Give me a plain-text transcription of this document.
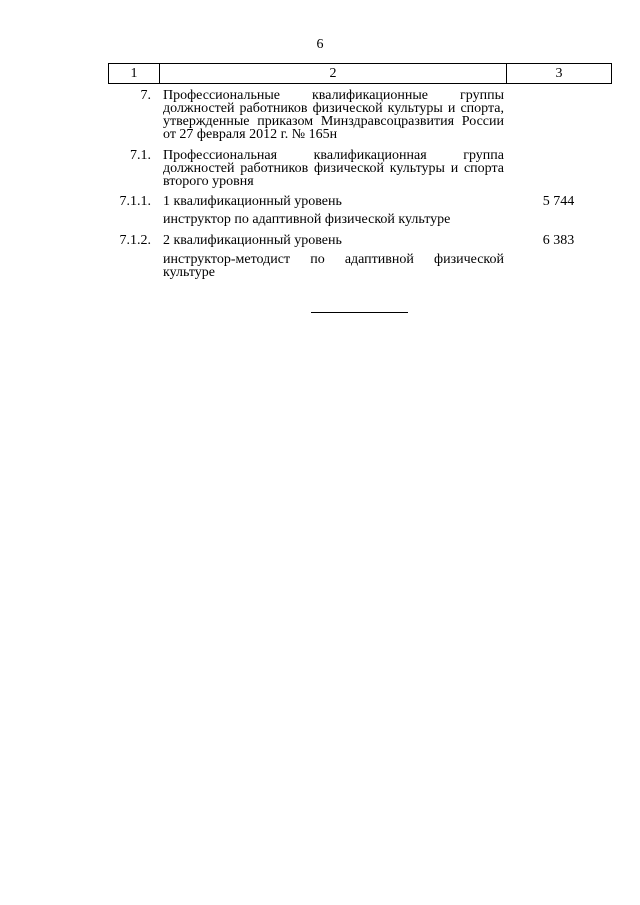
6
1	2	3
7. Профессиональные квалификационные группы должностей работников физической культуры и спорта, утвержденные приказом Минздравсоцразвития России от 27 февраля 2012 г. № 165н
7.1. Профессиональная квалификационная группа должностей работников физической культуры и спорта второго уровня
7.1.1. 1 квалификационный уровень	5 744
инструктор по адаптивной физической культуре
7.1.2. 2 квалификационный уровень	6 383
инструктор-методист по адаптивной физической культуре
